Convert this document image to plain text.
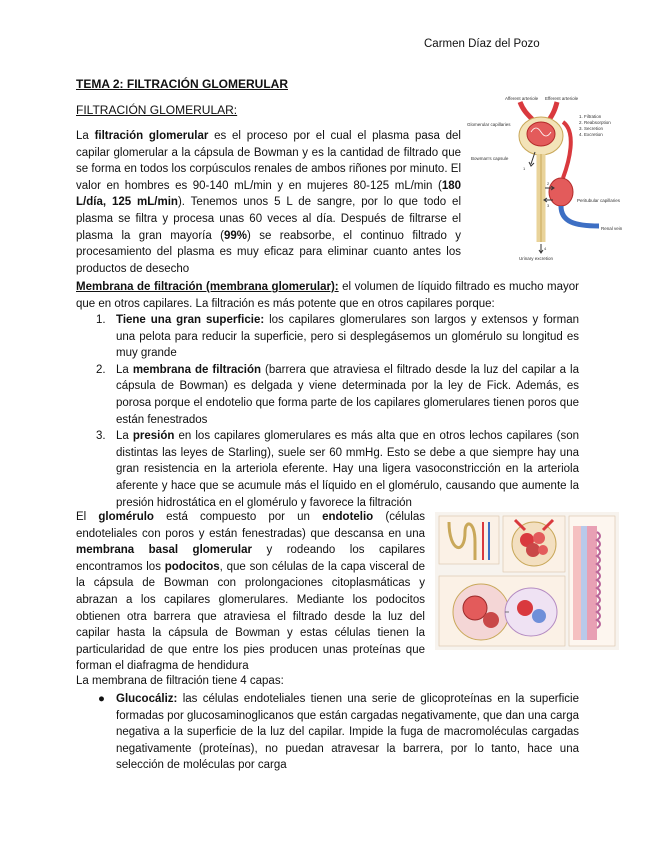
Carmen Díaz del Pozo
TEMA 2: FILTRACIÓN GLOMERULAR
FILTRACIÓN GLOMERULAR:
La filtración glomerular es el proceso por el cual el plasma pasa del capilar glomerular a la cápsula de Bowman y es la cantidad de filtrado que se forma en todos los corpúsculos renales de ambos riñones por minuto. El valor en hombres es 90-140 mL/min y en mujeres 80-125 mL/min (180 L/día, 125 mL/min). Tenemos unos 5 L de sangre, por lo que todo el plasma se filtra y procesa unas 60 veces al día. Después de filtrarse el plasma la gran mayoría (99%) se reabsorbe, el continuo filtrado y procesamiento del plasma es muy eficaz para eliminar cuanto antes los productos de desecho
Afferent arteriole Efferent arteriole
Glomerular capillaries
Bowman's capsule
Peritubular capillaries
Renal vein
Urinary excretion
1. Filtration
2. Reabsorption
3. Secretion
4. Excretion
1
2
3
4
Membrana de filtración (membrana glomerular): el volumen de líquido filtrado es mucho mayor que en otros capilares. La filtración es más potente que en otros capilares porque:
1. Tiene una gran superficie: los capilares glomerulares son largos y extensos y forman una pelota para reducir la superficie, pero si desplegásemos un glomérulo su longitud es muy grande
2. La membrana de filtración (barrera que atraviesa el filtrado desde la luz del capilar a la cápsula de Bowman) es delgada y viene determinada por la ley de Fick. Además, es porosa porque el endotelio que forma parte de los capilares glomerulares tienen poros que están fenestrados
3. La presión en los capilares glomerulares es más alta que en otros lechos capilares (son distintas las leyes de Starling), suele ser 60 mmHg. Esto se debe a que siempre hay una gran resistencia en la arteriola eferente. Hay una ligera vasoconstricción en la arteriola aferente y hace que se acumule más el líquido en el glomérulo, causando que aumente la presión hidrostática en el glomérulo y favorece la filtración
El glomérulo está compuesto por un endotelio (células endoteliales con poros y están fenestradas) que descansa en una membrana basal glomerular y rodeando los capilares encontramos los podocitos, que son células de la capa visceral de la cápsula de Bowman con prolongaciones citoplasmáticas y abrazan a los capilares glomerulares. Mediante los podocitos obtienen otra barrera que atraviesa el filtrado desde la luz del capilar hasta la cápsula de Bowman y estas células tienen la particularidad de que entre los pies producen unas proteínas que forman el diafragma de hendidura
La membrana de filtración tiene 4 capas:
● Glucocáliz: las células endoteliales tienen una serie de glicoproteínas en la superficie formadas por glucosaminoglicanos que están cargadas negativamente, que dan una carga negativa a la superficie de la luz del capilar. Impide la fuga de macromoléculas cargadas negativamente (proteínas), no puedan atravesar la barrera, por lo tanto, hace una selección de moléculas por carga
